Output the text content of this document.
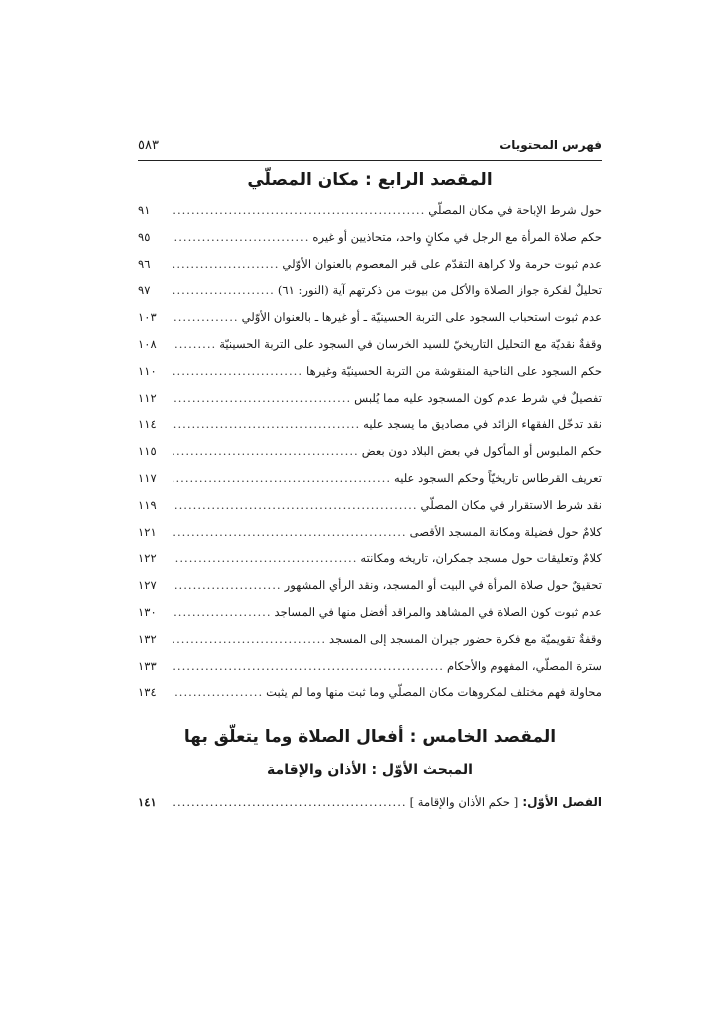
فهرس المحتويات
٥٨٣
المقصد الرابع : مكان المصلّي
حول شرط الإباحة في مكان المصلّي
.....
٩١
حكم صلاة المرأة مع الرجل في مكانٍ واحد، متحاذيين أو غيره
.....
٩٥
عدم ثبوت حرمة ولا كراهة التقدّم على قبر المعصوم بالعنوان الأوّلي
.....
٩٦
تحليلٌ لفكرة جواز الصلاة والأكل من بيوت من ذكرتهم آية (النور: ٦١)
.....
٩٧
عدم ثبوت استحباب السجود على التربة الحسينيّة ـ أو غيرها ـ بالعنوان الأوّلي
.....
١٠٣
وقفةٌ نقديّة مع التحليل التاريخيّ للسيد الخرسان في السجود على التربة الحسينيّة
.....
١٠٨
حكم السجود على الناحية المنقوشة من التربة الحسينيّة وغيرها
.....
١١٠
تفصيلٌ في شرط عدم كون المسجود عليه مما يُلبس
.....
١١٢
نقد تدخّل الفقهاء الزائد في مصاديق ما يسجد عليه
.....
١١٤
حكم الملبوس أو المأكول في بعض البلاد دون بعض
.....
١١٥
تعريف القرطاس تاريخيّاً وحكم السجود عليه
.....
١١٧
نقد شرط الاستقرار في مكان المصلّي
.....
١١٩
كلامٌ حول فضيلة ومكانة المسجد الأقصى
.....
١٢١
كلامٌ وتعليقات حول مسجد جمكران، تاريخه ومكانته
.....
١٢٢
تحقيقٌ حول صلاة المرأة في البيت أو المسجد، ونقد الرأي المشهور
.....
١٢٧
عدم ثبوت كون الصلاة في المشاهد والمراقد أفضل منها في المساجد
.....
١٣٠
وقفةٌ تقويميّة مع فكرة حضور جيران المسجد إلى المسجد
.....
١٣٢
سترة المصلّي، المفهوم والأحكام
.....
١٣٣
محاولة فهم مختلف لمكروهات مكان المصلّي وما ثبت منها وما لم يثبت
.....
١٣٤
المقصد الخامس : أفعال الصلاة وما يتعلّق بها
المبحث الأوّل : الأذان والإقامة
الفصل الأوّل:
[ حكم الأذان والإقامة ]
.....
١٤١
